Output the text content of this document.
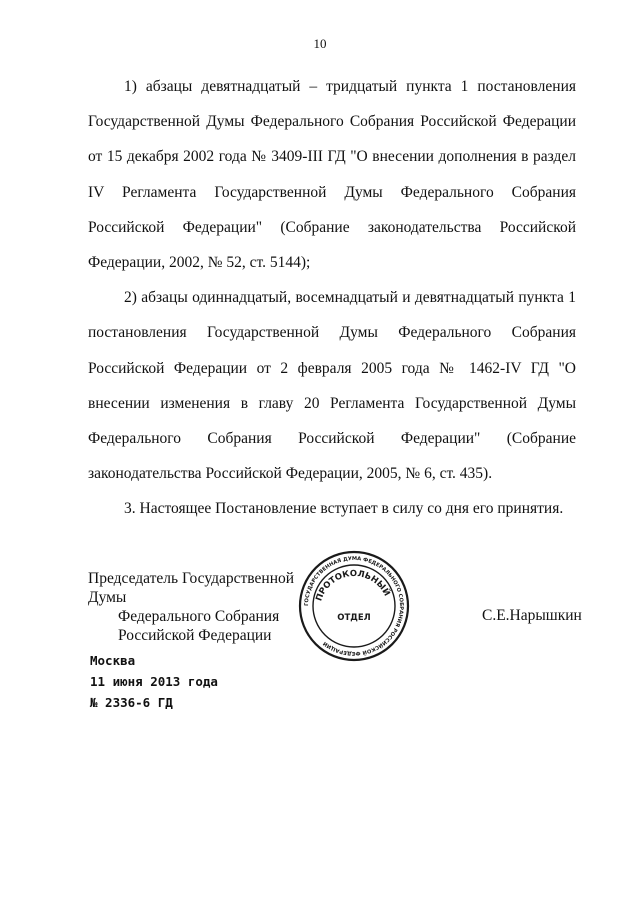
10

1) абзацы девятнадцатый – тридцатый пункта 1 постановления Государственной Думы Федерального Собрания Российской Федерации от 15 декабря 2002 года № 3409-III ГД "О внесении дополнения в раздел IV Регламента Государственной Думы Федерального Собрания Российской Федерации" (Собрание законодательства Российской Федерации, 2002, № 52, ст. 5144);

2) абзацы одиннадцатый, восемнадцатый и девятнадцатый пункта 1 постановления Государственной Думы Федерального Собрания Российской Федерации от 2 февраля 2005 года № 1462-IV ГД "О внесении изменения в главу 20 Регламента Государственной Думы Федерального Собрания Российской Федерации" (Собрание законодательства Российской Федерации, 2005, № 6, ст. 435).

3. Настоящее Постановление вступает в силу со дня его принятия.

Председатель Государственной Думы
Федерального Собрания
Российской Федерации
ГОСУДАРСТВЕННАЯ ДУМА ФЕДЕРАЛЬНОГО СОБРАНИЯ РОССИЙСКОЙ ФЕДЕРАЦИИ
ПРОТОКОЛЬНЫЙ
ОТДЕЛ	С.Е.Нарышкин
Москва
11 июня 2013 года
№ 2336-6 ГД
